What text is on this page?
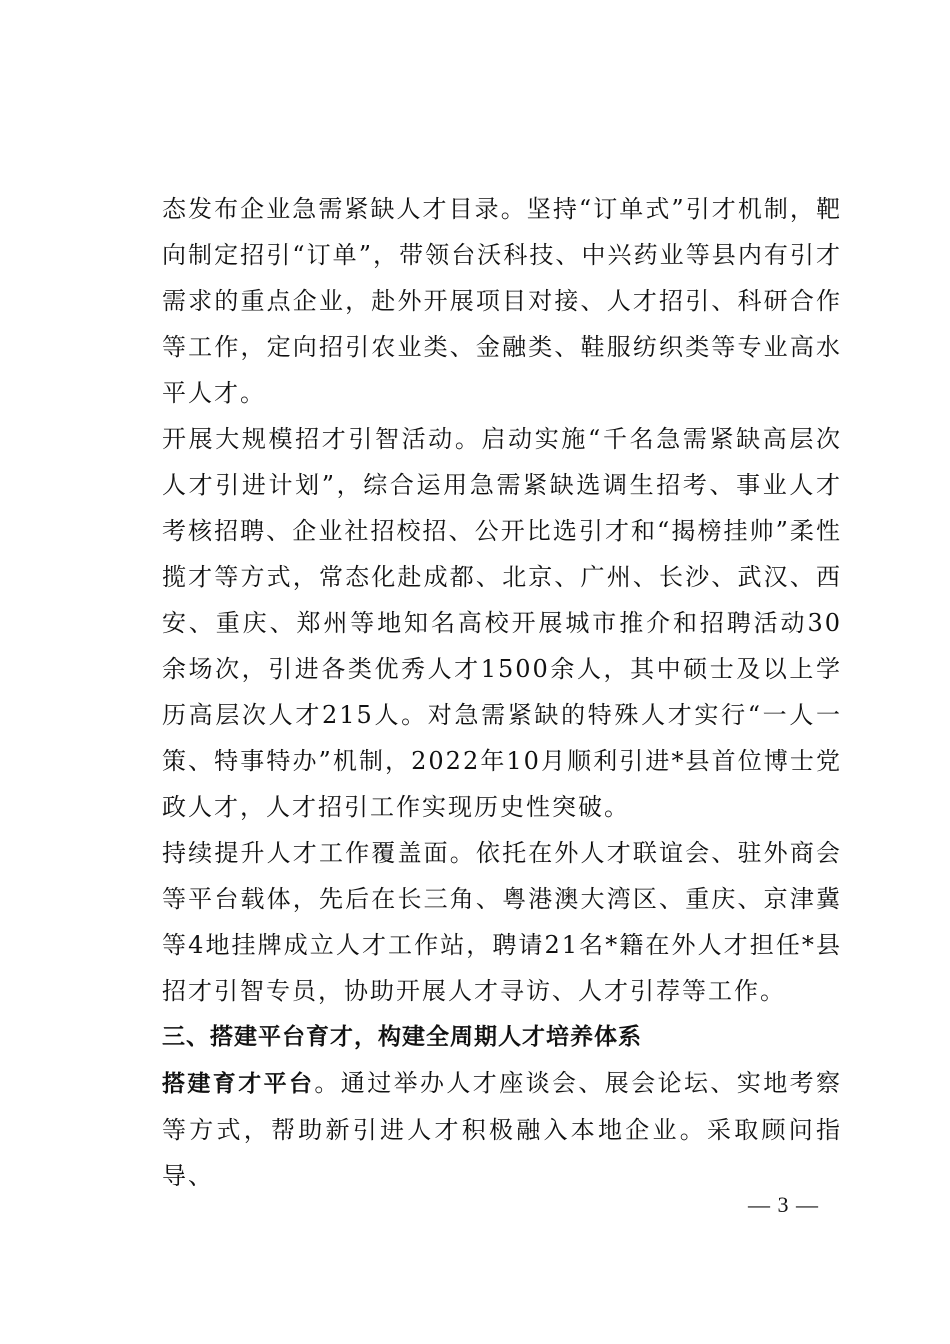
态发布企业急需紧缺人才目录。坚持“订单式”引才机制，靶向制定招引“订单”，带领台沃科技、中兴药业等县内有引才需求的重点企业，赴外开展项目对接、人才招引、科研合作等工作，定向招引农业类、金融类、鞋服纺织类等专业高水平人才。

开展大规模招才引智活动。启动实施“千名急需紧缺高层次人才引进计划”，综合运用急需紧缺选调生招考、事业人才考核招聘、企业社招校招、公开比选引才和“揭榜挂帅”柔性揽才等方式，常态化赴成都、北京、广州、长沙、武汉、西安、重庆、郑州等地知名高校开展城市推介和招聘活动30余场次，引进各类优秀人才1500余人，其中硕士及以上学历高层次人才215人。对急需紧缺的特殊人才实行“一人一策、特事特办”机制，2022年10月顺利引进*县首位博士党政人才，人才招引工作实现历史性突破。

持续提升人才工作覆盖面。依托在外人才联谊会、驻外商会等平台载体，先后在长三角、粤港澳大湾区、重庆、京津冀等4地挂牌成立人才工作站，聘请21名*籍在外人才担任*县招才引智专员，协助开展人才寻访、人才引荐等工作。

三、搭建平台育才，构建全周期人才培养体系

搭建育才平台。通过举办人才座谈会、展会论坛、实地考察等方式，帮助新引进人才积极融入本地企业。采取顾问指导、

— 3 —
